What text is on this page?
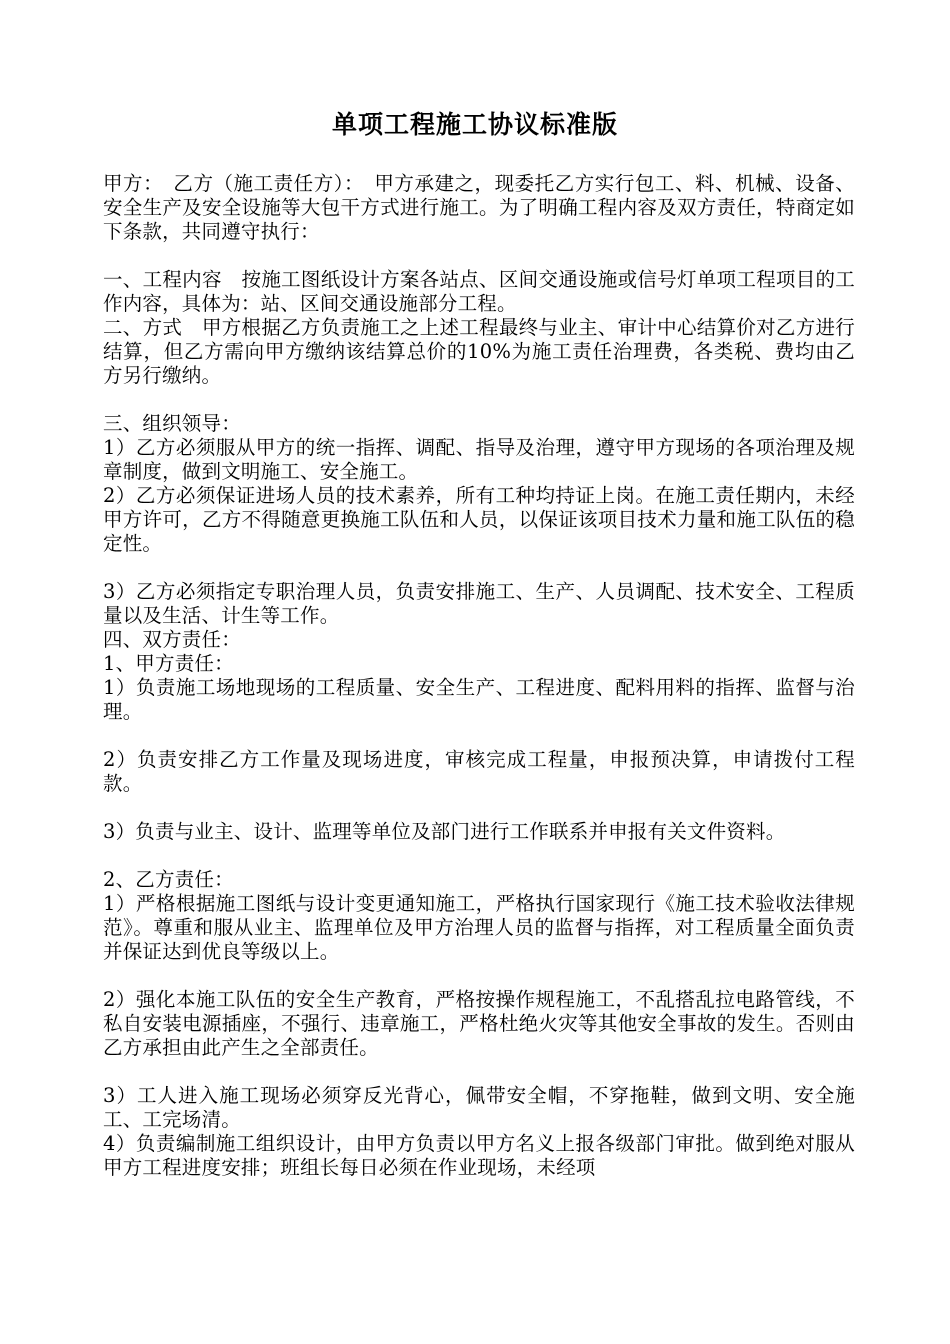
单项工程施工协议标准版

甲方：　乙方（施工责任方）：　甲方承建之，现委托乙方实行包工、料、机械、设备、安全生产及安全设施等大包干方式进行施工。为了明确工程内容及双方责任，特商定如下条款，共同遵守执行：

一、工程内容　按施工图纸设计方案各站点、区间交通设施或信号灯单项工程项目的工作内容，具体为：站、区间交通设施部分工程。

二、方式　甲方根据乙方负责施工之上述工程最终与业主、审计中心结算价对乙方进行结算，但乙方需向甲方缴纳该结算总价的10%为施工责任治理费，各类税、费均由乙方另行缴纳。

三、组织领导：

1）乙方必须服从甲方的统一指挥、调配、指导及治理，遵守甲方现场的各项治理及规章制度，做到文明施工、安全施工。

2）乙方必须保证进场人员的技术素养，所有工种均持证上岗。在施工责任期内，未经甲方许可，乙方不得随意更换施工队伍和人员，以保证该项目技术力量和施工队伍的稳定性。

3）乙方必须指定专职治理人员，负责安排施工、生产、人员调配、技术安全、工程质量以及生活、计生等工作。

四、双方责任：

1、甲方责任：

1）负责施工场地现场的工程质量、安全生产、工程进度、配料用料的指挥、监督与治理。

2）负责安排乙方工作量及现场进度，审核完成工程量，申报预决算，申请拨付工程款。

3）负责与业主、设计、监理等单位及部门进行工作联系并申报有关文件资料。

2、乙方责任：

1）严格根据施工图纸与设计变更通知施工，严格执行国家现行《施工技术验收法律规范》。尊重和服从业主、监理单位及甲方治理人员的监督与指挥，对工程质量全面负责并保证达到优良等级以上。

2）强化本施工队伍的安全生产教育，严格按操作规程施工，不乱搭乱拉电路管线，不私自安装电源插座，不强行、违章施工，严格杜绝火灾等其他安全事故的发生。否则由乙方承担由此产生之全部责任。

3）工人进入施工现场必须穿反光背心，佩带安全帽，不穿拖鞋，做到文明、安全施工、工完场清。

4）负责编制施工组织设计，由甲方负责以甲方名义上报各级部门审批。做到绝对服从甲方工程进度安排；班组长每日必须在作业现场，未经项
